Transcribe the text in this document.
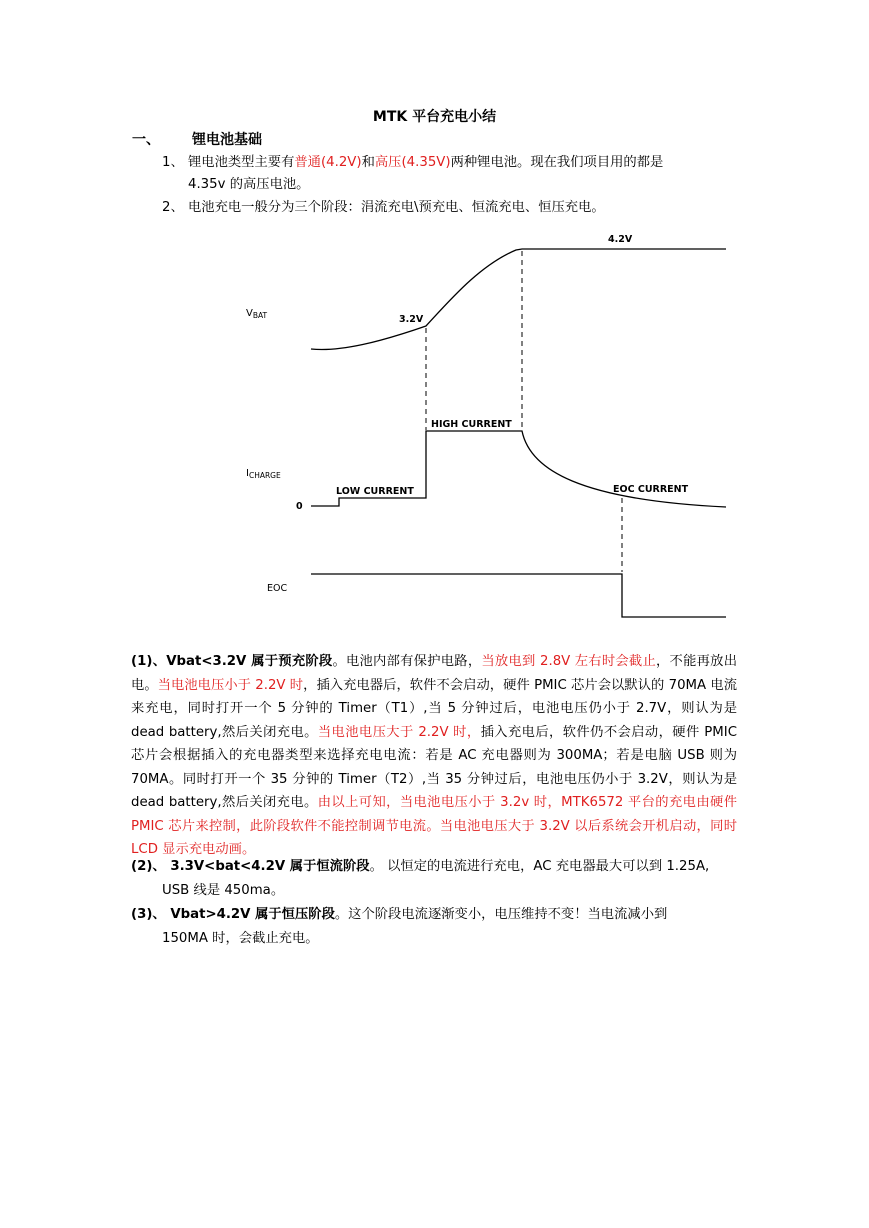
MTK 平台充电小结
一、 锂电池基础
1、 锂电池类型主要有普通(4.2V)和高压(4.35V)两种锂电池。现在我们项目用的都是
4.35v 的高压电池。
2、 电池充电一般分为三个阶段：涓流充电\预充电、恒流充电、恒压充电。
$V_{BAT}$
$I_{CHARGE}$
EOC
0
3.2V
4.2V
HIGH CURRENT
LOW CURRENT	EOC CURRENT
(1)、Vbat<3.2V 属于预充阶段。电池内部有保护电路，当放电到 2.8V 左右时会截止，不能再放出电。当电池电压小于 2.2V 时，插入充电器后，软件不会启动，硬件 PMIC 芯片会以默认的 70MA 电流来充电，同时打开一个 5 分钟的 Timer（T1）,当 5 分钟过后，电池电压仍小于 2.7V，则认为是 dead battery,然后关闭充电。当电池电压大于 2.2V 时，插入充电后，软件仍不会启动，硬件 PMIC 芯片会根据插入的充电器类型来选择充电电流：若是 AC 充电器则为 300MA；若是电脑 USB 则为 70MA。同时打开一个 35 分钟的 Timer（T2）,当 35 分钟过后，电池电压仍小于 3.2V，则认为是 dead battery,然后关闭充电。由以上可知，当电池电压小于 3.2v 时，MTK6572 平台的充电由硬件 PMIC 芯片来控制，此阶段软件不能控制调节电流。当电池电压大于 3.2V 以后系统会开机启动，同时 LCD 显示充电动画。
(2)、 3.3V<bat<4.2V 属于恒流阶段。 以恒定的电流进行充电，AC 充电器最大可以到 1.25A,

USB 线是 450ma。
(3)、 Vbat>4.2V 属于恒压阶段。这个阶段电流逐渐变小，电压维持不变！当电流减小到

150MA 时，会截止充电。
